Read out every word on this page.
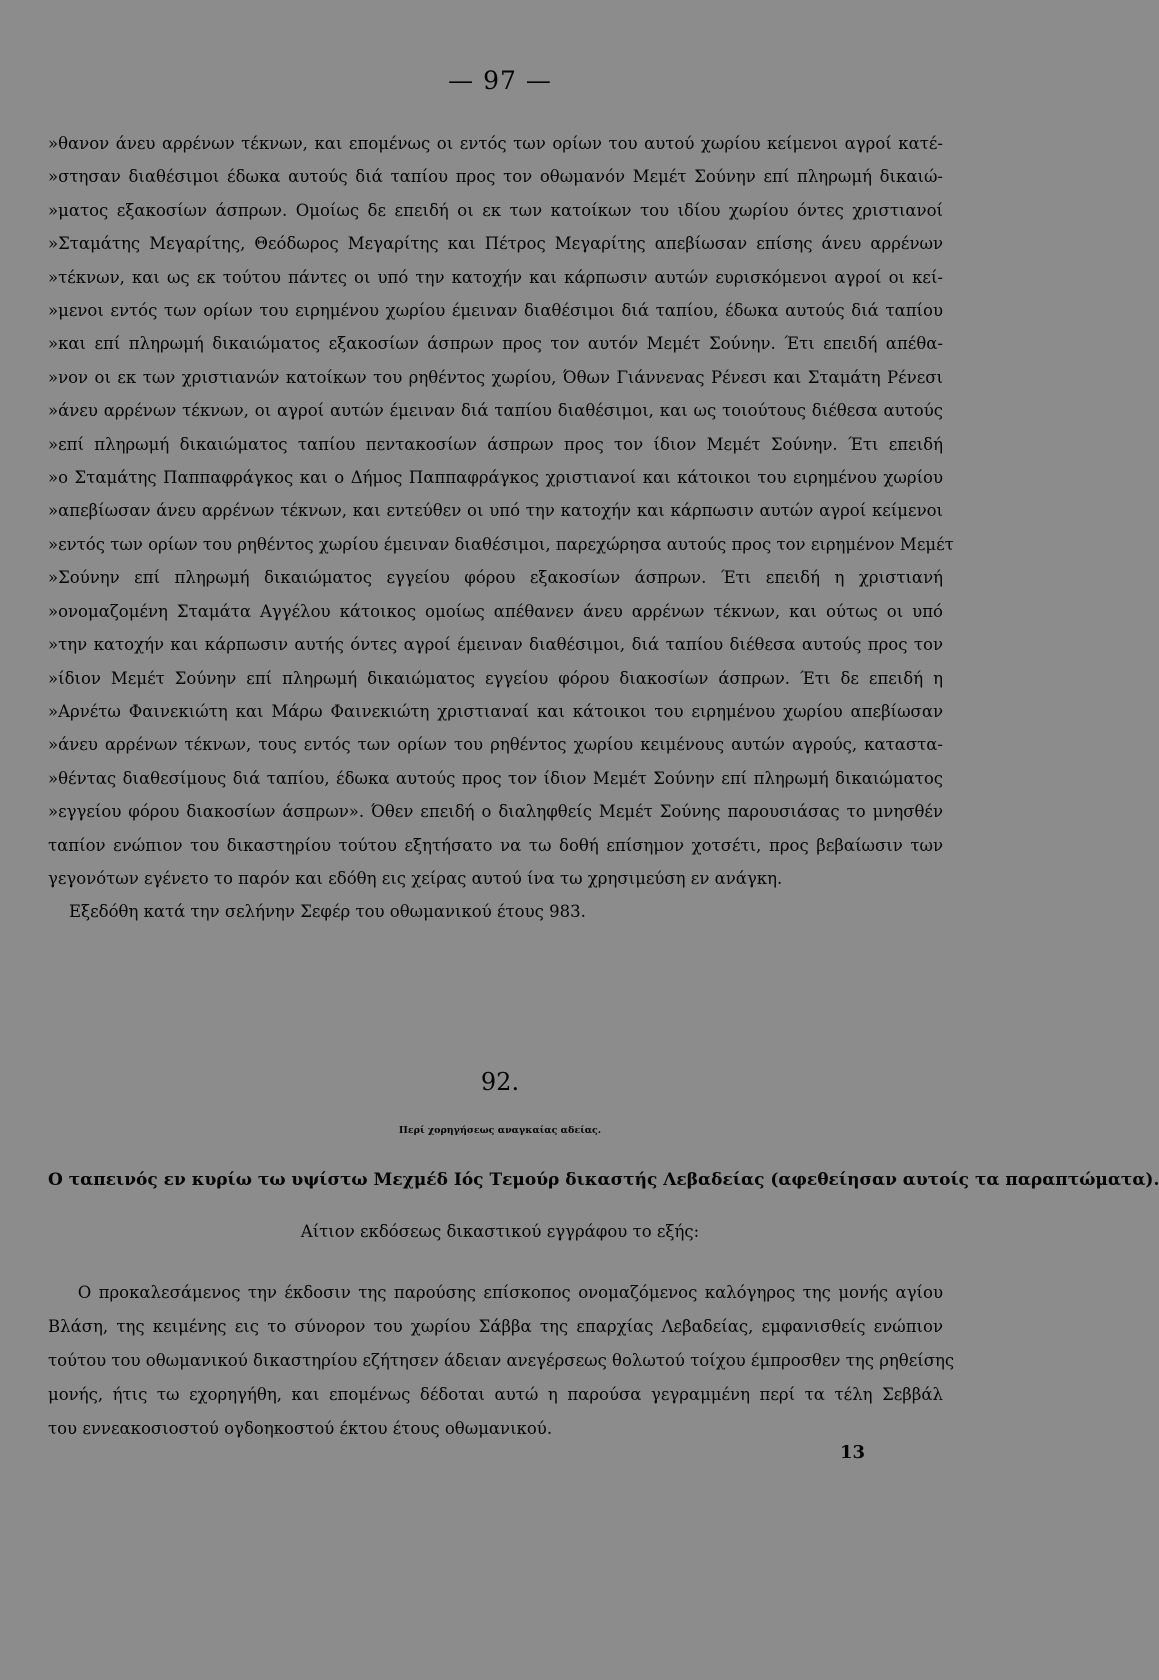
— 97 —
»θανον άνευ αρρένων τέκνων, και επομένως οι εντός των ορίων του αυτού χωρίου κείμενοι αγροί κατέ-
»στησαν διαθέσιμοι έδωκα αυτούς διά ταπίου προς τον οθωμανόν Μεμέτ Σούνην επί πληρωμή δικαιώ-
»ματος εξακοσίων άσπρων. Ομοίως δε επειδή οι εκ των κατοίκων του ιδίου χωρίου όντες χριστιανοί
»Σταμάτης Μεγαρίτης, Θεόδωρος Μεγαρίτης και Πέτρος Μεγαρίτης απεβίωσαν επίσης άνευ αρρένων
»τέκνων, και ως εκ τούτου πάντες οι υπό την κατοχήν και κάρπωσιν αυτών ευρισκόμενοι αγροί οι κεί-
»μενοι εντός των ορίων του ειρημένου χωρίου έμειναν διαθέσιμοι διά ταπίου, έδωκα αυτούς διά ταπίου
»και επί πληρωμή δικαιώματος εξακοσίων άσπρων προς τον αυτόν Μεμέτ Σούνην. Έτι επειδή απέθα-
»νον οι εκ των χριστιανών κατοίκων του ρηθέντος χωρίου, Όθων Γιάννενας Ρένεσι και Σταμάτη Ρένεσι
»άνευ αρρένων τέκνων, οι αγροί αυτών έμειναν διά ταπίου διαθέσιμοι, και ως τοιούτους διέθεσα αυτούς
»επί πληρωμή δικαιώματος ταπίου πεντακοσίων άσπρων προς τον ίδιον Μεμέτ Σούνην. Έτι επειδή
»ο Σταμάτης Παππαφράγκος και ο Δήμος Παππαφράγκος χριστιανοί και κάτοικοι του ειρημένου χωρίου
»απεβίωσαν άνευ αρρένων τέκνων, και εντεύθεν οι υπό την κατοχήν και κάρπωσιν αυτών αγροί κείμενοι
»εντός των ορίων του ρηθέντος χωρίου έμειναν διαθέσιμοι, παρεχώρησα αυτούς προς τον ειρημένον Μεμέτ
»Σούνην επί πληρωμή δικαιώματος εγγείου φόρου εξακοσίων άσπρων. Έτι επειδή η χριστιανή
»ονομαζομένη Σταμάτα Αγγέλου κάτοικος ομοίως απέθανεν άνευ αρρένων τέκνων, και ούτως οι υπό
»την κατοχήν και κάρπωσιν αυτής όντες αγροί έμειναν διαθέσιμοι, διά ταπίου διέθεσα αυτούς προς τον
»ίδιον Μεμέτ Σούνην επί πληρωμή δικαιώματος εγγείου φόρου διακοσίων άσπρων. Έτι δε επειδή η
»Αρνέτω Φαινεκιώτη και Μάρω Φαινεκιώτη χριστιαναί και κάτοικοι του ειρημένου χωρίου απεβίωσαν
»άνευ αρρένων τέκνων, τους εντός των ορίων του ρηθέντος χωρίου κειμένους αυτών αγρούς, καταστα-
»θέντας διαθεσίμους διά ταπίου, έδωκα αυτούς προς τον ίδιον Μεμέτ Σούνην επί πληρωμή δικαιώματος
»εγγείου φόρου διακοσίων άσπρων». Όθεν επειδή ο διαληφθείς Μεμέτ Σούνης παρουσιάσας το μνησθέν
ταπίον ενώπιον του δικαστηρίου τούτου εξητήσατο να τω δοθή επίσημον χοτσέτι, προς βεβαίωσιν των
γεγονότων εγένετο το παρόν και εδόθη εις χείρας αυτού ίνα τω χρησιμεύση εν ανάγκη.
Εξεδόθη κατά την σελήνην Σεφέρ του οθωμανικού έτους 983.
92.
Περί χορηγήσεως αναγκαίας αδείας.
Ο ταπεινός εν κυρίω τω υψίστω Μεχμέδ Ιός Τεμούρ δικαστής Λεβαδείας (αφεθείησαν αυτοίς τα παραπτώματα).
Αίτιον εκδόσεως δικαστικού εγγράφου το εξής:
Ο προκαλεσάμενος την έκδοσιν της παρούσης επίσκοπος ονομαζόμενος καλόγηρος της μονής αγίου
Βλάση, της κειμένης εις το σύνορον του χωρίου Σάββα της επαρχίας Λεβαδείας, εμφανισθείς ενώπιον
τούτου του οθωμανικού δικαστηρίου εζήτησεν άδειαν ανεγέρσεως θολωτού τοίχου έμπροσθεν της ρηθείσης
μονής, ήτις τω εχορηγήθη, και επομένως δέδοται αυτώ η παρούσα γεγραμμένη περί τα τέλη Σεββάλ
του εννεακοσιοστού ογδοηκοστού έκτου έτους οθωμανικού.
13
